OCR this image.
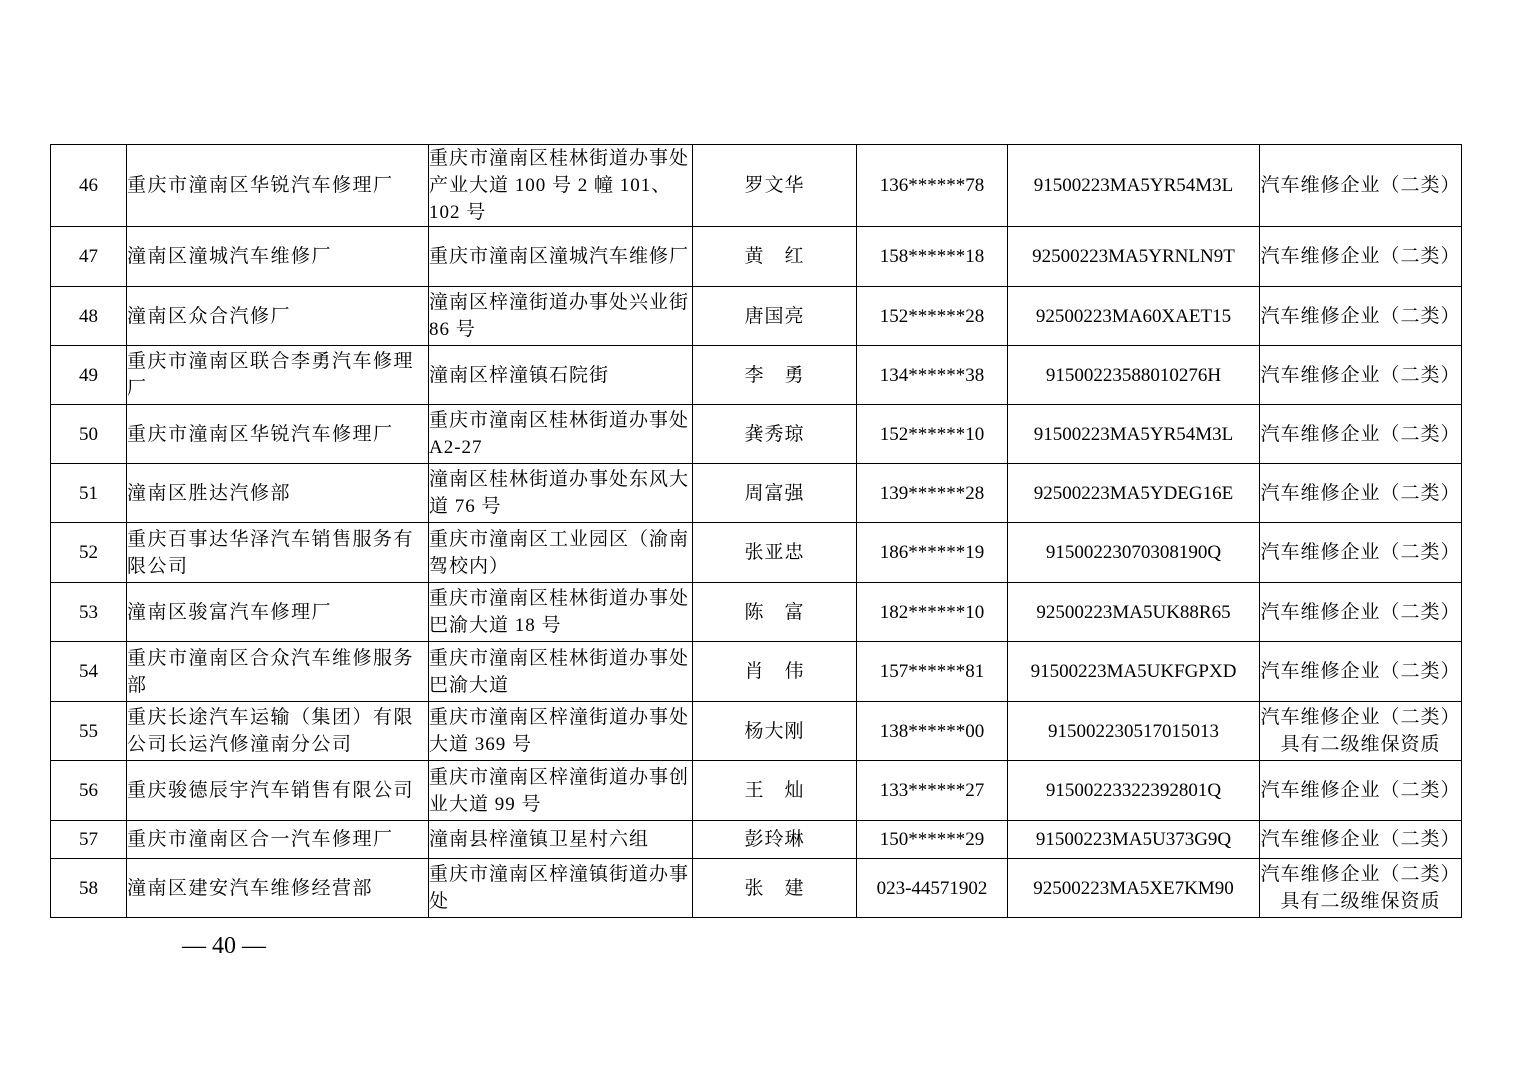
46	重庆市潼南区华锐汽车修理厂	重庆市潼南区桂林街道办事处产业大道 100 号 2 幢 101、102 号	罗文华	136******78	91500223MA5YR54M3L	汽车维修企业（二类）
47	潼南区潼城汽车维修厂	重庆市潼南区潼城汽车维修厂	黄　红	158******18	92500223MA5YRNLN9T	汽车维修企业（二类）
48	潼南区众合汽修厂	潼南区梓潼街道办事处兴业街 86 号	唐国亮	152******28	92500223MA60XAET15	汽车维修企业（二类）
49	重庆市潼南区联合李勇汽车修理厂	潼南区梓潼镇石院街	李　勇	134******38	9150022358801027​6H	汽车维修企业（二类）
50	重庆市潼南区华锐汽车修理厂	重庆市潼南区桂林街道办事处 A2-27	龚秀琼	152******10	91500223MA5YR54M3L	汽车维修企业（二类）
51	潼南区胜达汽修部	潼南区桂林街道办事处东风大道 76 号	周富强	139******28	92500223MA5YDEG16E	汽车维修企业（二类）
52	重庆百事达华泽汽车销售服务有限公司	重庆市潼南区工业园区（渝南驾校内）	张亚忠	186******19	91500223070308190Q	汽车维修企业（二类）
53	潼南区骏富汽车修理厂	重庆市潼南区桂林街道办事处巴渝大道 18 号	陈　富	182******10	92500223MA5UK88R65	汽车维修企业（二类）
54	重庆市潼南区合众汽车维修服务部	重庆市潼南区桂林街道办事处巴渝大道	肖　伟	157******81	91500223MA5UKFGPXD	汽车维修企业（二类）
55	重庆长途汽车运输（集团）有限公司长运汽修潼南分公司	重庆市潼南区梓潼街道办事处大道 369 号	杨大刚	138******00	915002230517015013	汽车维修企业（二类）具有二级维保资质
56	重庆骏德辰宇汽车销售有限公司	重庆市潼南区梓潼街道办事创业大道 99 号	王　灿	133******27	91500223322392801Q	汽车维修企业（二类）
57	重庆市潼南区合一汽车修理厂	潼南县梓潼镇卫星村六组	彭玲琳	150******29	91500223MA5U373G9Q	汽车维修企业（二类）
58	潼南区建安汽车维修经营部	重庆市潼南区梓潼镇街道办事处	张　建	023-44571902	92500223MA5XE7KM90	汽车维修企业（二类）具有二级维保资质
— 40 —
